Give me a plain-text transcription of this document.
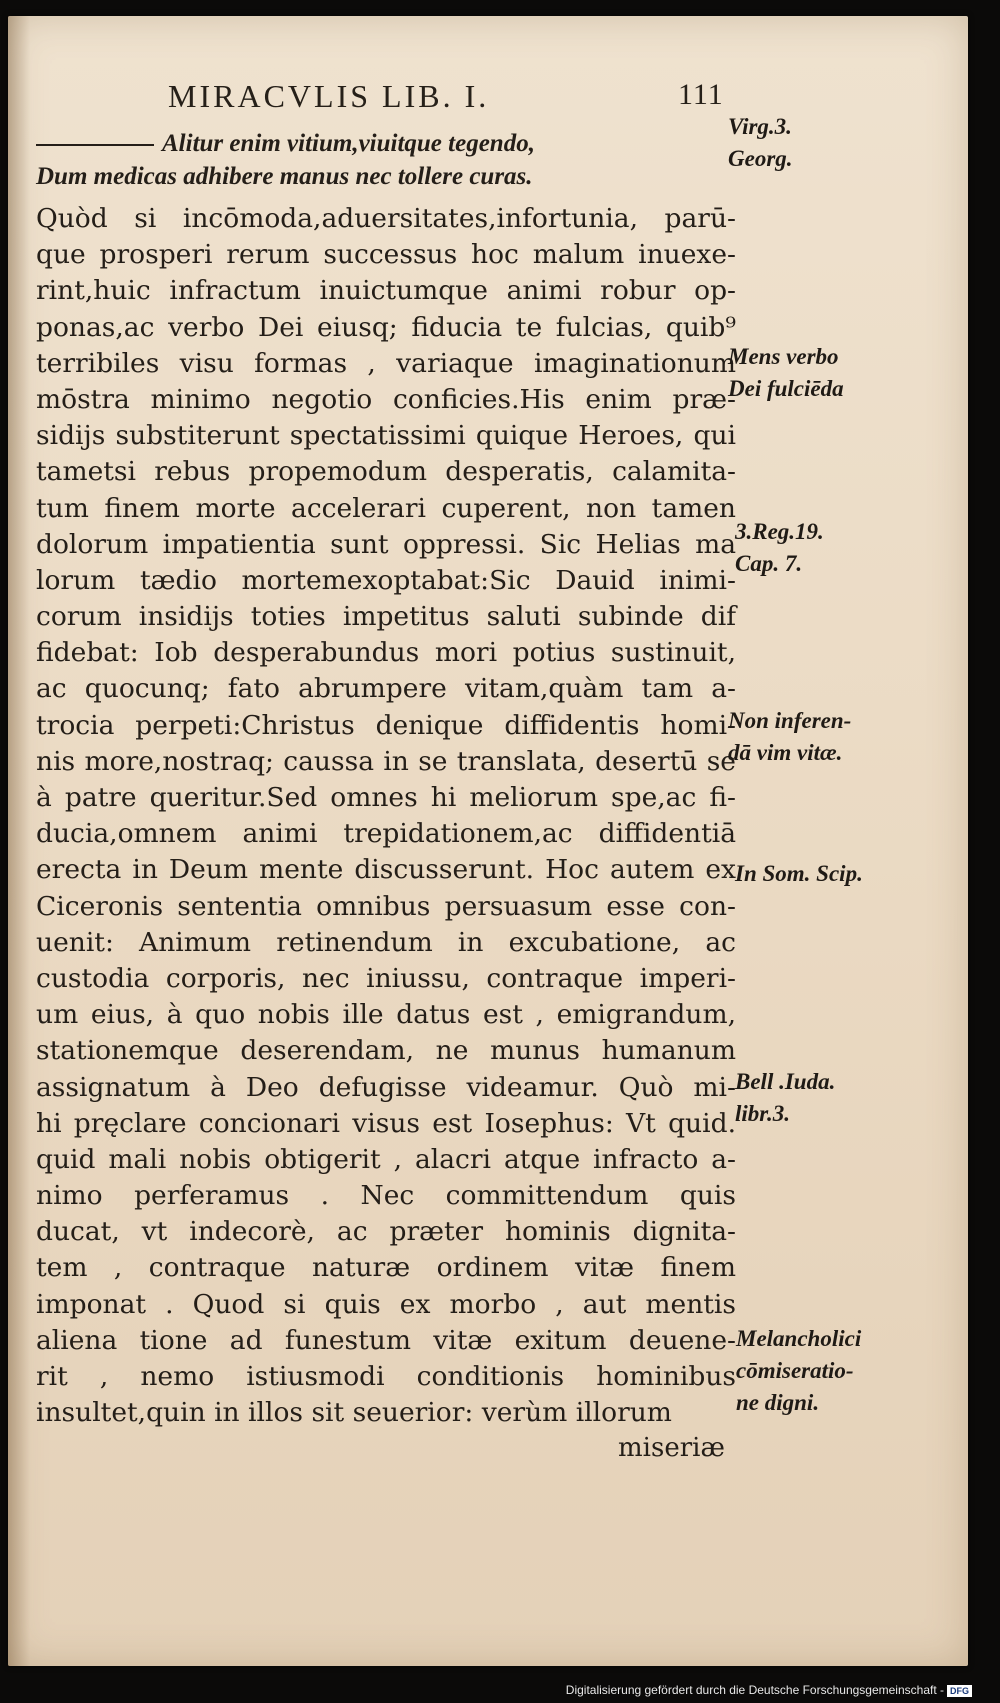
MIRACVLIS LIB. I.	111
Alitur enim vitium,viuitque tegendo,
Dum medicas adhibere manus nec tollere curas.
Quòd si incōmoda,aduersitates,infortunia, parū-
que prosperi rerum successus hoc malum inuexe-
rint,huic infractum inuictumque animi robur op-
ponas,ac verbo Dei eiusq; fiducia te fulcias, quib⁹
terribiles visu formas , variaque imaginationum
mōstra minimo negotio conficies.His enim præ-
sidijs substiterunt spectatissimi quique Heroes, qui
tametsi rebus propemodum desperatis, calamita-
tum finem morte accelerari cuperent, non tamen
dolorum impatientia sunt oppressi. Sic Helias ma
lorum tædio mortemexoptabat:Sic Dauid inimi-
corum insidijs toties impetitus saluti subinde dif
fidebat: Iob desperabundus mori potius sustinuit,
ac quocunq; fato abrumpere vitam,quàm tam a-
trocia perpeti:Christus denique diffidentis homi-
nis more,nostraq; caussa in se translata, desertū se
à patre queritur.Sed omnes hi meliorum spe,ac fi-
ducia,omnem animi trepidationem,ac diffidentiā
erecta in Deum mente discusserunt. Hoc autem ex
Ciceronis sententia omnibus persuasum esse con-
uenit: Animum retinendum in excubatione, ac
custodia corporis, nec iniussu, contraque imperi-
um eius, à quo nobis ille datus est , emigrandum,
stationemque deserendam, ne munus humanum
assignatum à Deo defugisse videamur. Quò mi-
hi pręclare concionari visus est Iosephus: Vt quid.
quid mali nobis obtigerit , alacri atque infracto a-
nimo perferamus . Nec committendum quis
ducat, vt indecorè, ac præter hominis dignita-
tem , contraque naturæ ordinem vitæ finem
imponat . Quod si quis ex morbo , aut mentis
aliena tione ad funestum vitæ exitum deuene-
rit , nemo istiusmodi conditionis hominibus
insultet,quin in illos sit seuerior: verùm illorum
miseriæ
Virg.3.
Georg.
Mens verbo
Dei fulciēda
3.Reg.19.
Cap. 7.
Non inferen-
dā vim vitæ.
In Som. Scip.
Bell .Iuda.
libr.3.
Melancholici
cōmiseratio-
ne digni.
Digitalisierung gefördert durch die Deutsche Forschungsgemeinschaft - DFG
